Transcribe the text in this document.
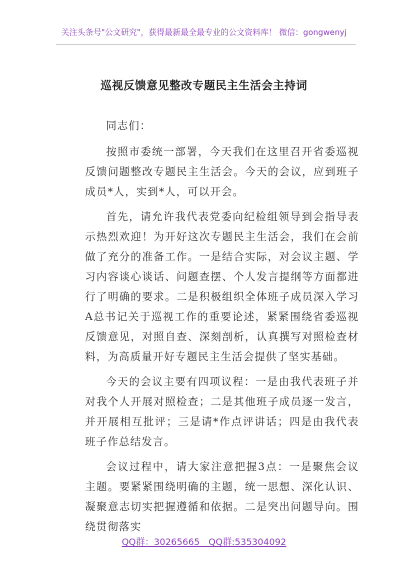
关注头条号"公文研究"，获得最新最全最专业的公文资料库！ 微信：gongwenyj
巡视反馈意见整改专题民主生活会主持词

同志们：

按照市委统一部署，今天我们在这里召开省委巡视反馈问题整改专题民主生活会。今天的会议，应到班子成员*人，实到*人，可以开会。

首先，请允许我代表党委向纪检组领导到会指导表示热烈欢迎！为开好这次专题民主生活会，我们在会前做了充分的准备工作。一是结合实际，对会议主题、学习内容谈心谈话、问题查摆、个人发言提纲等方面都进行了明确的要求。二是积极组织全体班子成员深入学习A总书记关于巡视工作的重要论述，紧紧围绕省委巡视反馈意见，对照自查、深刻剖析，认真撰写对照检查材料，为高质量开好专题民主生活会提供了坚实基础。

今天的会议主要有四项议程：一是由我代表班子并对我个人开展对照检查；二是其他班子成员逐一发言，并开展相互批评；三是请*作点评讲话；四是由我代表班子作总结发言。

会议过程中，请大家注意把握3点：一是聚焦会议主题。要紧紧围绕明确的主题，统一思想、深化认识、凝聚意志切实把握遵循和依据。二是突出问题导向。围绕贯彻落实

QQ群：30265665 QQ群:535304092
